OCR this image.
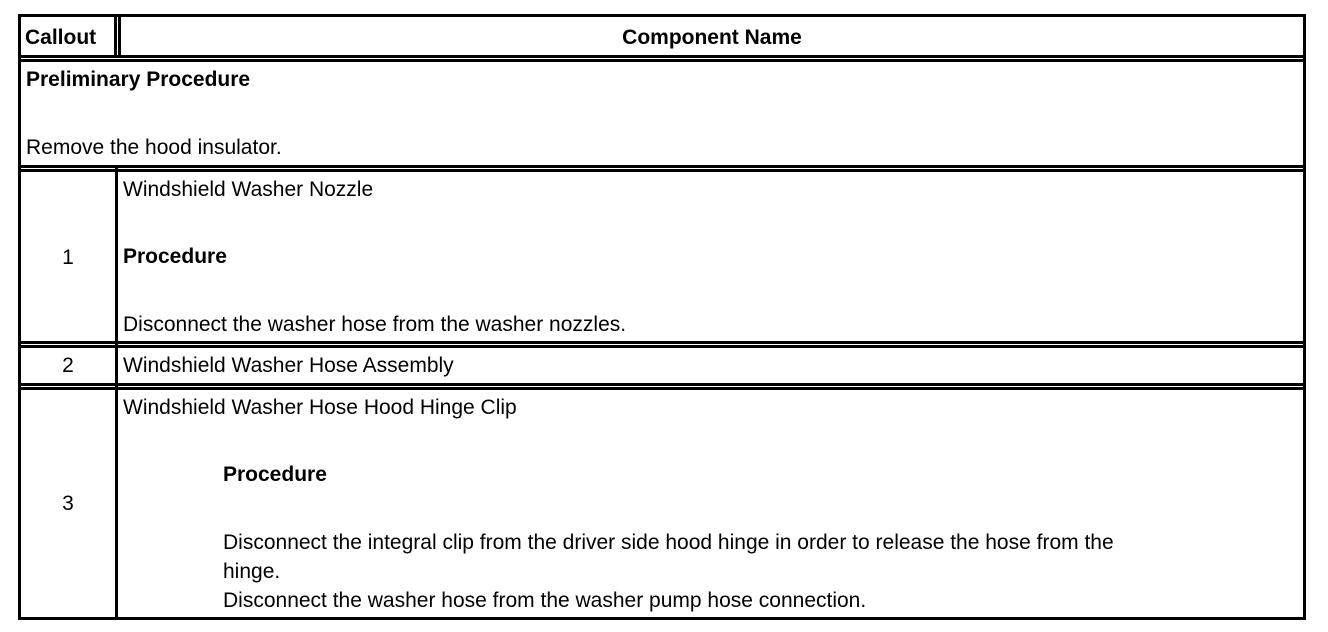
Callout	Component Name
Preliminary Procedure
Remove the hood insulator.
1
Windshield Washer Nozzle
Procedure
Disconnect the washer hose from the washer nozzles.
2	Windshield Washer Hose Assembly
3
Windshield Washer Hose Hood Hinge Clip
Procedure
Disconnect the integral clip from the driver side hood hinge in order to release the hose from the
hinge.
Disconnect the washer hose from the washer pump hose connection.
